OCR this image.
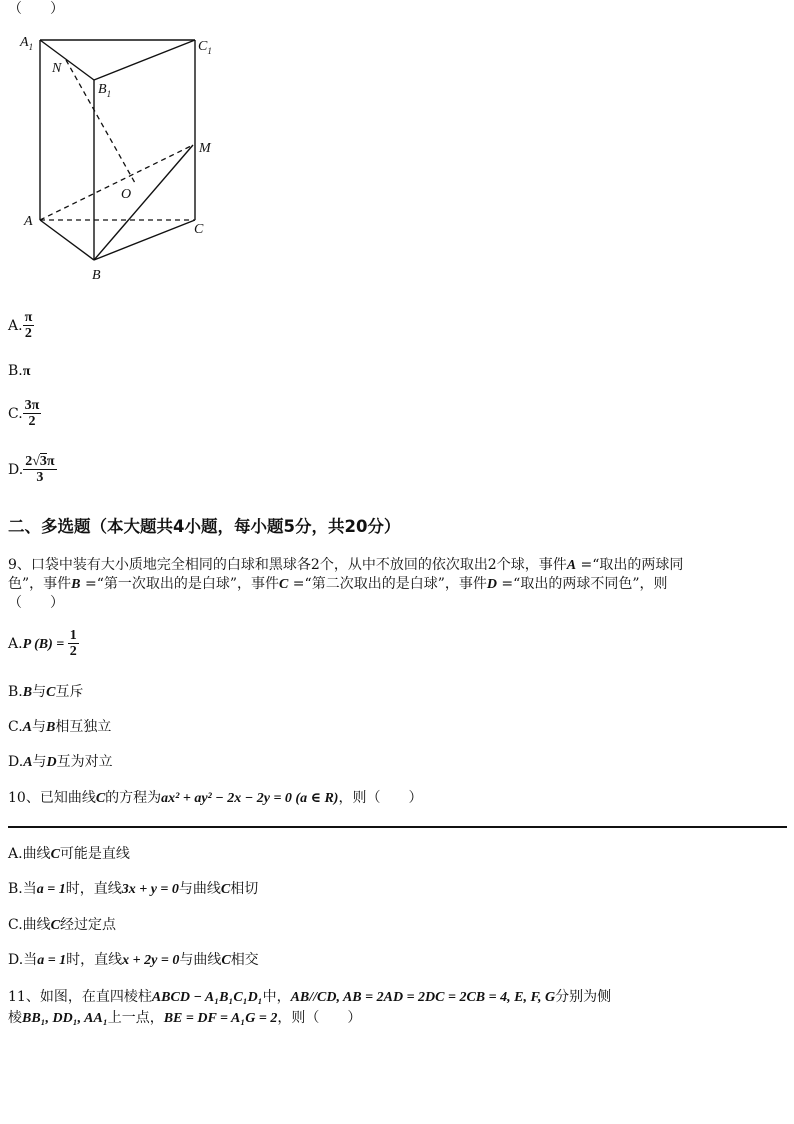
（　　）
$A_1$	$C_1$
N
$B_1$
M
O
A
C
B
A. $\frac{\pi}{2}$
B.π
C. $\frac{3\pi}{2}$
D. $\frac{2√3\pi}{3}$
二、多选题（本大题共4小题，每小题5分，共20分）
9、口袋中装有大小质地完全相同的白球和黑球各2个，从中不放回的依次取出2个球，事件A =“取出的两球同
色”，事件B =“第一次取出的是白球”，事件C =“第二次取出的是白球”，事件D =“取出的两球不同色”，则
（　　）
A.P $(B) = \frac{1}{2}$
B.B与C互斥
C.A与B相互独立
D.A与D互为对立
10、已知曲线C的方程为ax² + ay² − 2x − 2y = 0 (a ∈ R)，则（　　）
A.曲线C可能是直线
B.当a = 1时，直线3x + y = 0与曲线C相切
C.曲线C经过定点
D.当a = 1时，直线x + 2y = 0与曲线C相交
11、如图，在直四棱柱ABCD − A₁B₁C₁D₁中，AB//CD, AB = 2AD = 2DC = 2CB = 4, E, F, G分别为侧
棱BB₁, DD₁, AA₁上一点，BE = DF = A₁G = 2，则（　　）
